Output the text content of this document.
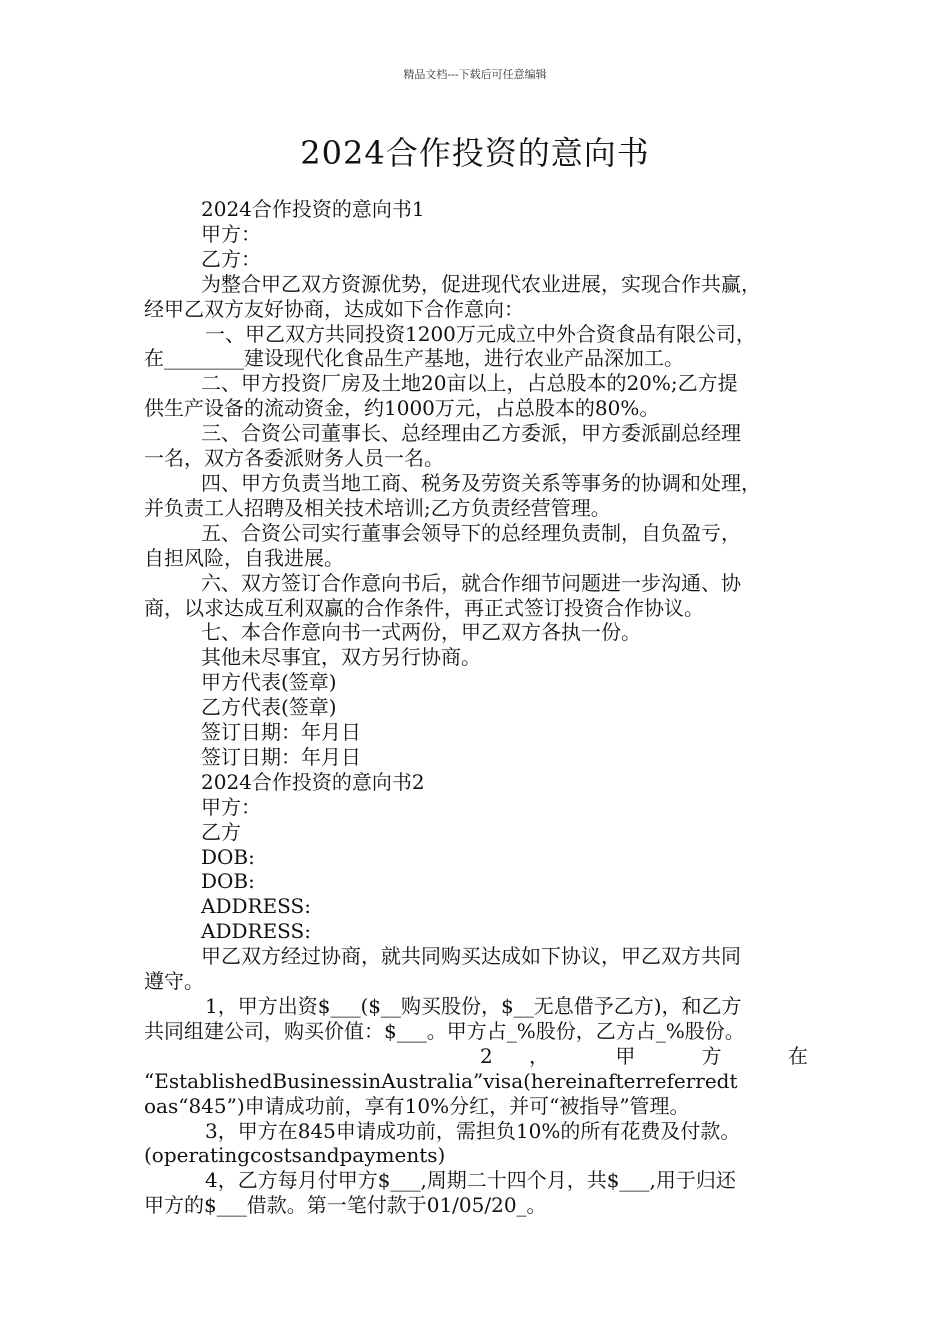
精品文档---下载后可任意编辑
2024合作投资的意向书
2024合作投资的意向书1
甲方：
乙方：
为整合甲乙双方资源优势，促进现代农业进展，实现合作共赢，
经甲乙双方友好协商，达成如下合作意向：
一、甲乙双方共同投资1200万元成立中外合资食品有限公司，
在________建设现代化食品生产基地，进行农业产品深加工。
二、甲方投资厂房及土地20亩以上，占总股本的20%;乙方提
供生产设备的流动资金，约1000万元，占总股本的80%。
三、合资公司董事长、总经理由乙方委派，甲方委派副总经理
一名，双方各委派财务人员一名。
四、甲方负责当地工商、税务及劳资关系等事务的协调和处理，
并负责工人招聘及相关技术培训;乙方负责经营管理。
五、合资公司实行董事会领导下的总经理负责制，自负盈亏，
自担风险，自我进展。
六、双方签订合作意向书后，就合作细节问题进一步沟通、协
商，以求达成互利双赢的合作条件，再正式签订投资合作协议。
七、本合作意向书一式两份，甲乙双方各执一份。
其他未尽事宜，双方另行协商。
甲方代表(签章)
乙方代表(签章)
签订日期：年月日
签订日期：年月日
2024合作投资的意向书2
甲方：
乙方
DOB:
DOB:
ADDRESS:
ADDRESS:
甲乙双方经过协商，就共同购买达成如下协议，甲乙双方共同
遵守。
1，甲方出资$___($__购买股份，$__无息借予乙方)，和乙方
共同组建公司，购买价值：$___。甲方占_%股份，乙方占_%股份。
2 ， 甲 方 在
“EstablishedBusinessinAustralia”visa(hereinafterreferredt
oas“845”)申请成功前，享有10%分红，并可“被指导”管理。
3，甲方在845申请成功前，需担负10%的所有花费及付款。
(operatingcostsandpayments)
4，乙方每月付甲方$___,周期二十四个月，共$___,用于归还
甲方的$___借款。第一笔付款于01/05/20_。
